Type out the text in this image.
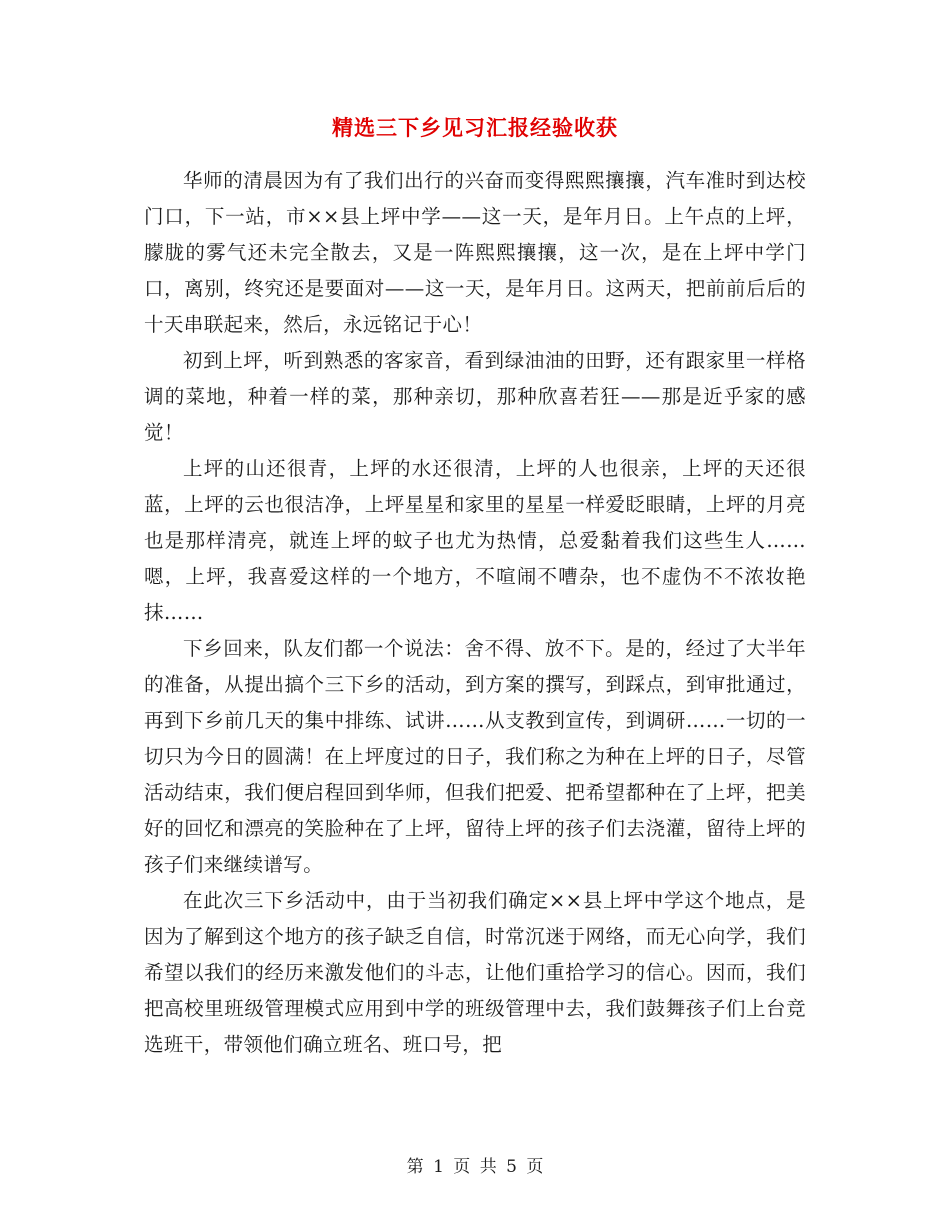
精选三下乡见习汇报经验收获

华师的清晨因为有了我们出行的兴奋而变得熙熙攘攘，汽车准时到达校门口，下一站，市××县上坪中学——这一天，是年月日。上午点的上坪，朦胧的雾气还未完全散去，又是一阵熙熙攘攘，这一次，是在上坪中学门口，离别，终究还是要面对——这一天，是年月日。这两天，把前前后后的十天串联起来，然后，永远铭记于心！

初到上坪，听到熟悉的客家音，看到绿油油的田野，还有跟家里一样格调的菜地，种着一样的菜，那种亲切，那种欣喜若狂——那是近乎家的感觉！

上坪的山还很青，上坪的水还很清，上坪的人也很亲，上坪的天还很蓝，上坪的云也很洁净，上坪星星和家里的星星一样爱眨眼睛，上坪的月亮也是那样清亮，就连上坪的蚊子也尤为热情，总爱黏着我们这些生人……嗯，上坪，我喜爱这样的一个地方，不喧闹不嘈杂，也不虚伪不不浓妆艳抹……

下乡回来，队友们都一个说法：舍不得、放不下。是的，经过了大半年的准备，从提出搞个三下乡的活动，到方案的撰写，到踩点，到审批通过，再到下乡前几天的集中排练、试讲……从支教到宣传，到调研……一切的一切只为今日的圆满！在上坪度过的日子，我们称之为种在上坪的日子，尽管活动结束，我们便启程回到华师，但我们把爱、把希望都种在了上坪，把美好的回忆和漂亮的笑脸种在了上坪，留待上坪的孩子们去浇灌，留待上坪的孩子们来继续谱写。

在此次三下乡活动中，由于当初我们确定××县上坪中学这个地点，是因为了解到这个地方的孩子缺乏自信，时常沉迷于网络，而无心向学，我们希望以我们的经历来激发他们的斗志，让他们重拾学习的信心。因而，我们把高校里班级管理模式应用到中学的班级管理中去，我们鼓舞孩子们上台竞选班干，带领他们确立班名、班口号，把

第 1 页 共 5 页
